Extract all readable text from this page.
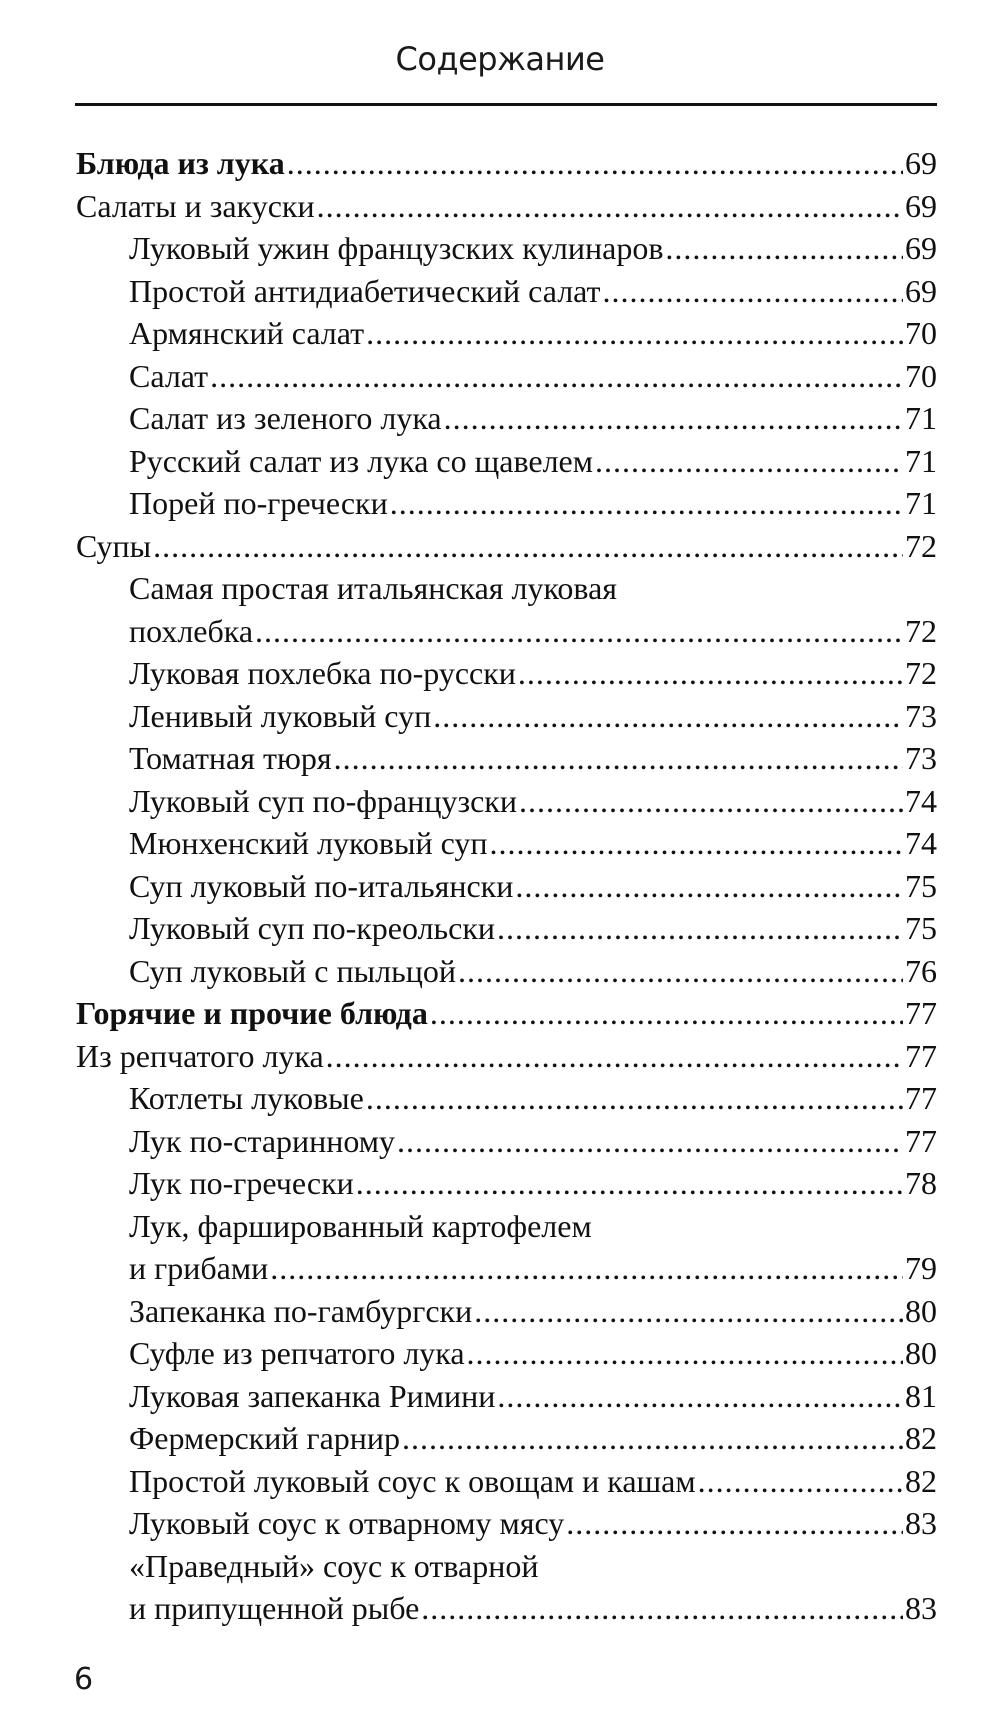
Содержание
Блюда из лука .....	69
Салаты и закуски .....	69
Луковый ужин французских кулинаров .....	69
Простой антидиабетический салат .....	69
Армянский салат .....	70
Салат .....	70
Салат из зеленого лука .....	71
Русский салат из лука со щавелем .....	71
Порей по-гречески .....	71
Супы .....	72
Самая простая итальянская луковая
похлебка .....	72
Луковая похлебка по-русски .....	72
Ленивый луковый суп .....	73
Томатная тюря .....	73
Луковый суп по-французски .....	74
Мюнхенский луковый суп .....	74
Суп луковый по-итальянски .....	75
Луковый суп по-креольски .....	75
Суп луковый с пыльцой .....	76
Горячие и прочие блюда .....	77
Из репчатого лука .....	77
Котлеты луковые .....	77
Лук по-старинному .....	77
Лук по-гречески .....	78
Лук, фаршированный картофелем
и грибами .....	79
Запеканка по-гамбургски .....	80
Суфле из репчатого лука .....	80
Луковая запеканка Римини .....	81
Фермерский гарнир .....	82
Простой луковый соус к овощам и кашам .....	82
Луковый соус к отварному мясу .....	83
«Праведный» соус к отварной
и припущенной рыбе .....	83
6
